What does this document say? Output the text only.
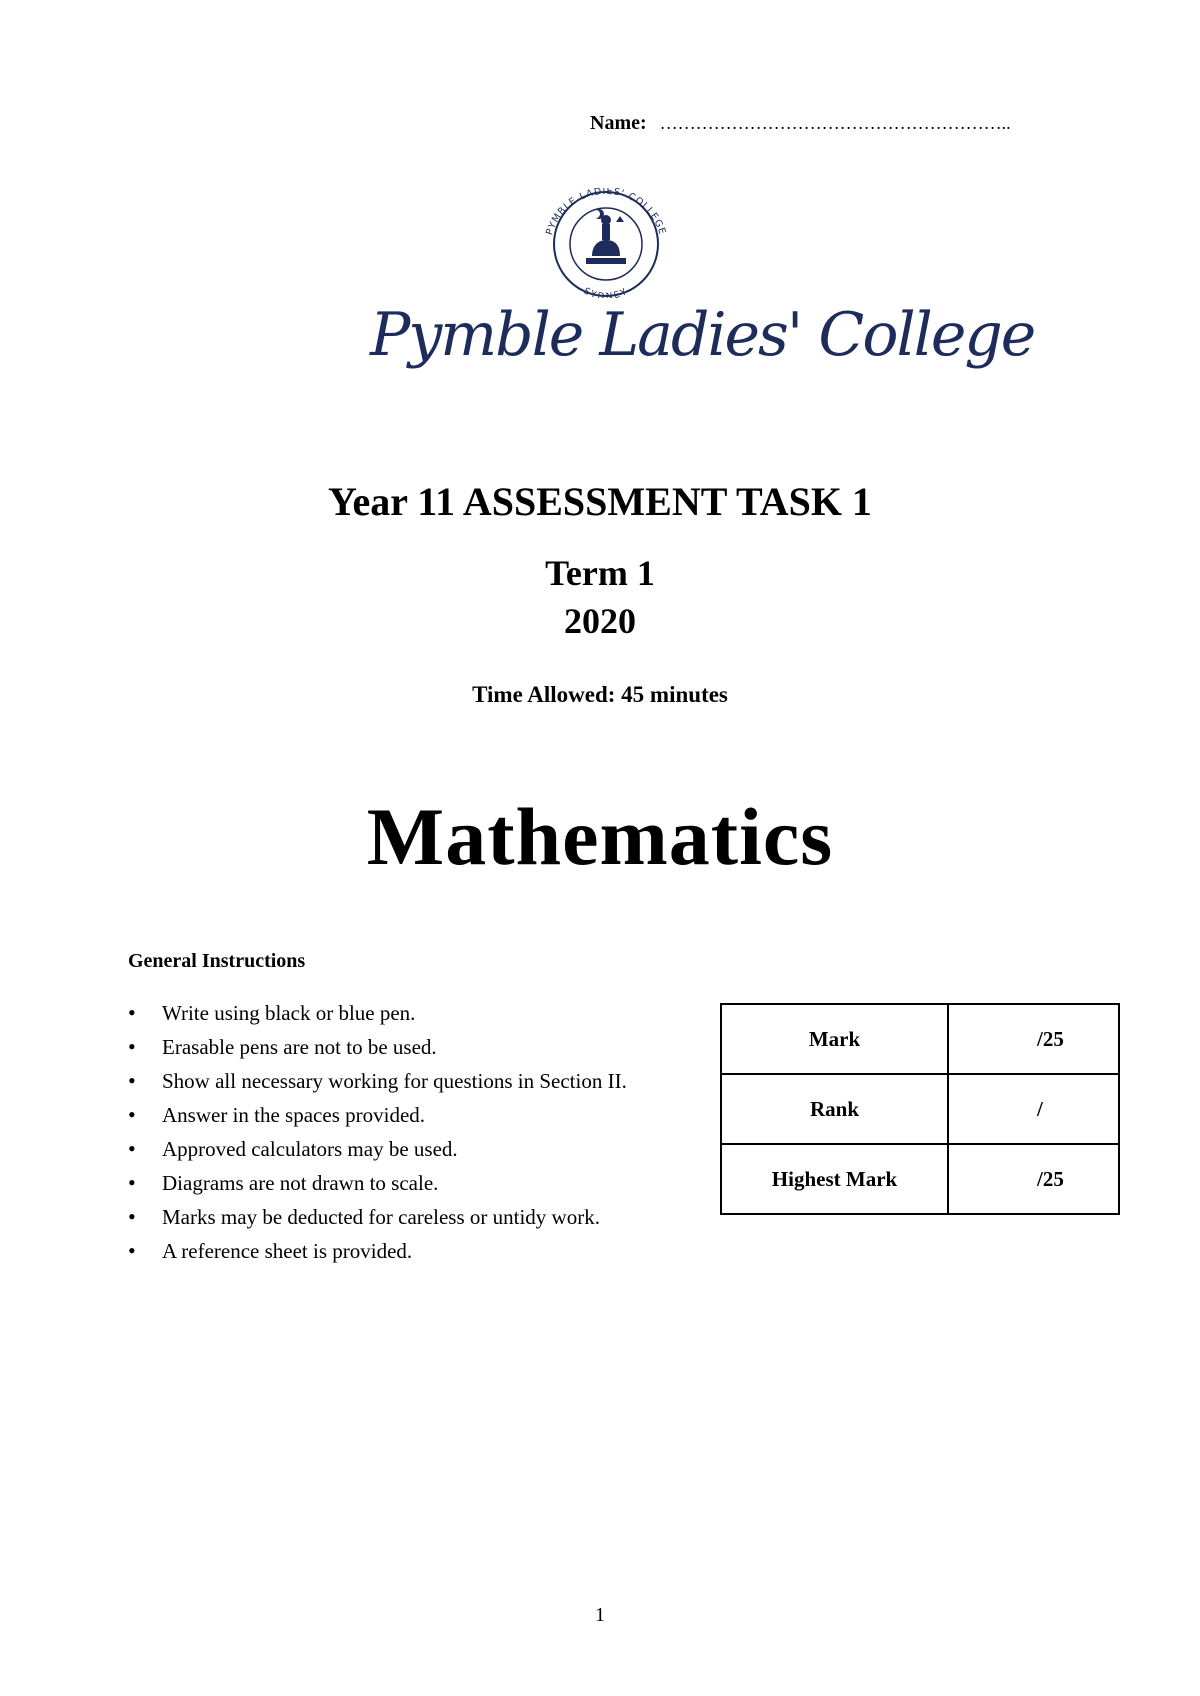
Name: …………………………………………………..
PYMBLE LADIES' COLLEGE
SYDNEY
Pymble Ladies' College
Year 11 ASSESSMENT TASK 1
Term 1
2020
Time Allowed: 45 minutes
Mathematics
General Instructions
• Write using black or blue pen.
• Erasable pens are not to be used.
• Show all necessary working for questions in Section II.
• Answer in the spaces provided.
• Approved calculators may be used.
• Diagrams are not drawn to scale.
• Marks may be deducted for careless or untidy work.
• A reference sheet is provided.
Mark	/25
Rank	/
Highest Mark	/25
1
